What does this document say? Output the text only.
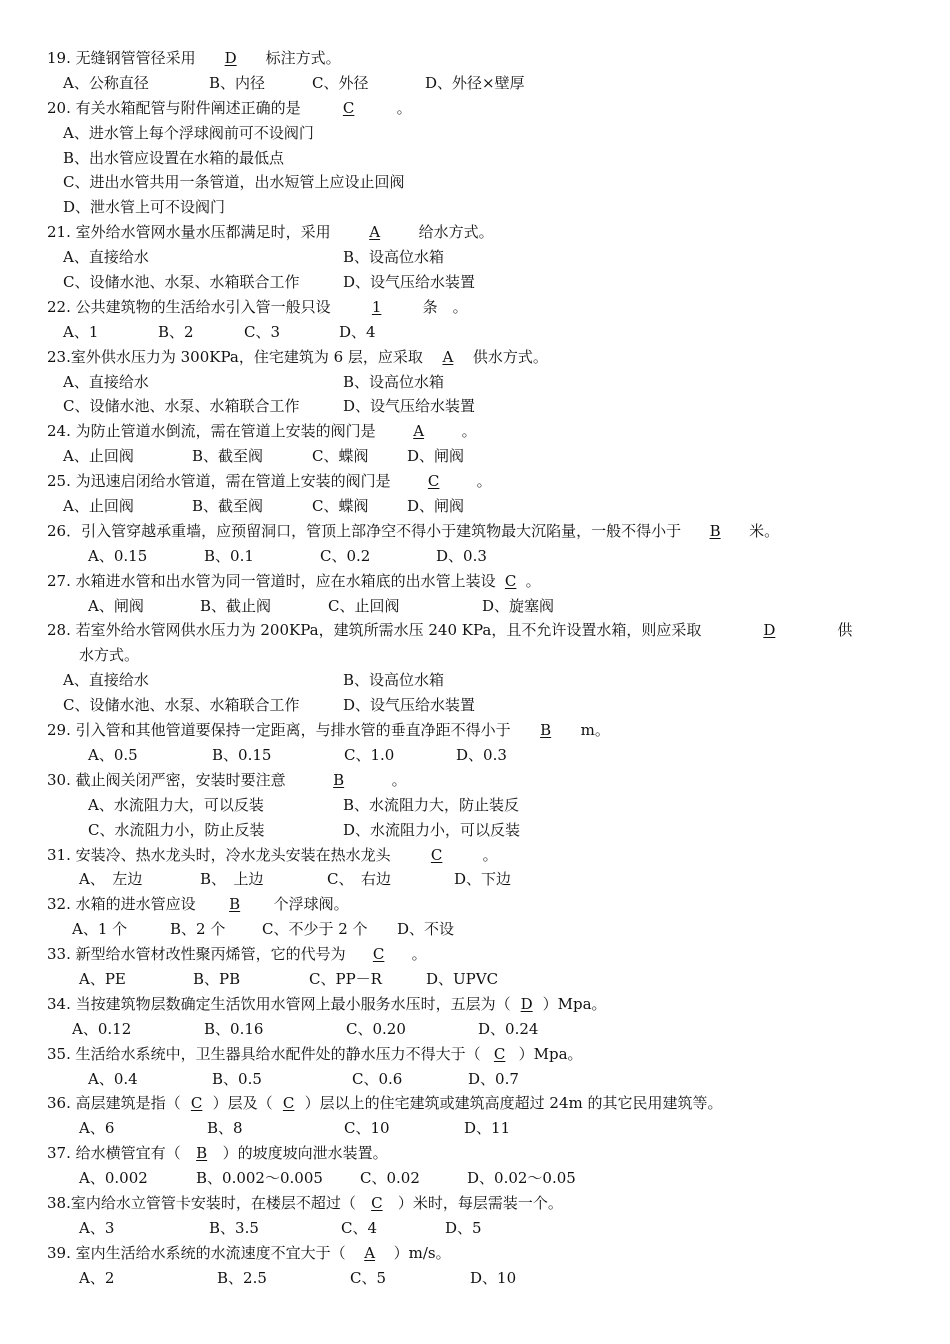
19. 无缝钢管管径采用 D 标注方式。
A、公称直径	B、内径	C、外径	D、外径×壁厚
20. 有关水箱配管与附件阐述正确的是	C	。
A、进水管上每个浮球阀前可不设阀门
B、出水管应设置在水箱的最低点
C、进出水管共用一条管道，出水短管上应设止回阀
D、泄水管上可不设阀门
21. 室外给水管网水量水压都满足时，采用	A	给水方式。
A、直接给水	B、设高位水箱
C、设储水池、水泵、水箱联合工作	D、设气压给水装置
22. 公共建筑物的生活给水引入管一般只设	1	条　。
A、1	B、2	C、3	D、4
23.室外供水压力为 300KPa，住宅建筑为 6 层，应采取 A 供水方式。
A、直接给水	B、设高位水箱
C、设储水池、水泵、水箱联合工作	D、设气压给水装置
24. 为防止管道水倒流，需在管道上安装的阀门是	A	。
A、止回阀	B、截至阀	C、蝶阀	D、闸阀
25. 为迅速启闭给水管道，需在管道上安装的阀门是 C 。
A、止回阀	B、截至阀	C、蝶阀	D、闸阀
26．引入管穿越承重墙，应预留洞口，管顶上部净空不得小于建筑物最大沉陷量，一般不得小于 B 米。
A、0.15	B、0.1	C、0.2	D、0.3
27. 水箱进水管和出水管为同一管道时，应在水箱底的出水管上装设 C 。
A、闸阀	B、截止阀	C、止回阀	D、旋塞阀
28. 若室外给水管网供水压力为 200KPa，建筑所需水压 240 KPa，且不允许设置水箱，则应采取	D	供
水方式。
A、直接给水	B、设高位水箱
C、设储水池、水泵、水箱联合工作	D、设气压给水装置
29. 引入管和其他管道要保持一定距离，与排水管的垂直净距不得小于 B m。
A、0.5	B、0.15	C、1.0	D、0.3
30. 截止阀关闭严密，安装时要注意	B	。
A、水流阻力大，可以反装	B、水流阻力大，防止装反
C、水流阻力小，防止反装	D、水流阻力小，可以反装
31. 安装冷、热水龙头时，冷水龙头安装在热水龙头	C	。
A、　左边	B、　上边	C、　右边	D、下边
32. 水箱的进水管应设 B 个浮球阀。
A、1 个	B、2 个	C、不少于 2 个	D、不设
33. 新型给水管材改性聚丙烯管，它的代号为 C 。
A、PE	B、PB	C、PP－R	D、UPVC
34. 当按建筑物层数确定生活饮用水管网上最小服务水压时，五层为（ D ）Mpa。
A、0.12	B、0.16	C、0.20	D、0.24
35. 生活给水系统中，卫生器具给水配件处的静水压力不得大于（ C ）Mpa。
A、0.4	B、0.5	C、0.6	D、0.7
36. 高层建筑是指（ C ）层及（ C ）层以上的住宅建筑或建筑高度超过 24m 的其它民用建筑等。
A、6	B、8	C、10	D、11
37. 给水横管宜有（ B ）的坡度坡向泄水装置。
A、0.002	B、0.002～0.005	C、0.02	D、0.02～0.05
38.室内给水立管管卡安装时，在楼层不超过（ C ）米时，每层需装一个。
A、3	B、3.5	C、4	D、5
39. 室内生活给水系统的水流速度不宜大于（ A ）m/s。
A、2	B、2.5	C、5	D、10
